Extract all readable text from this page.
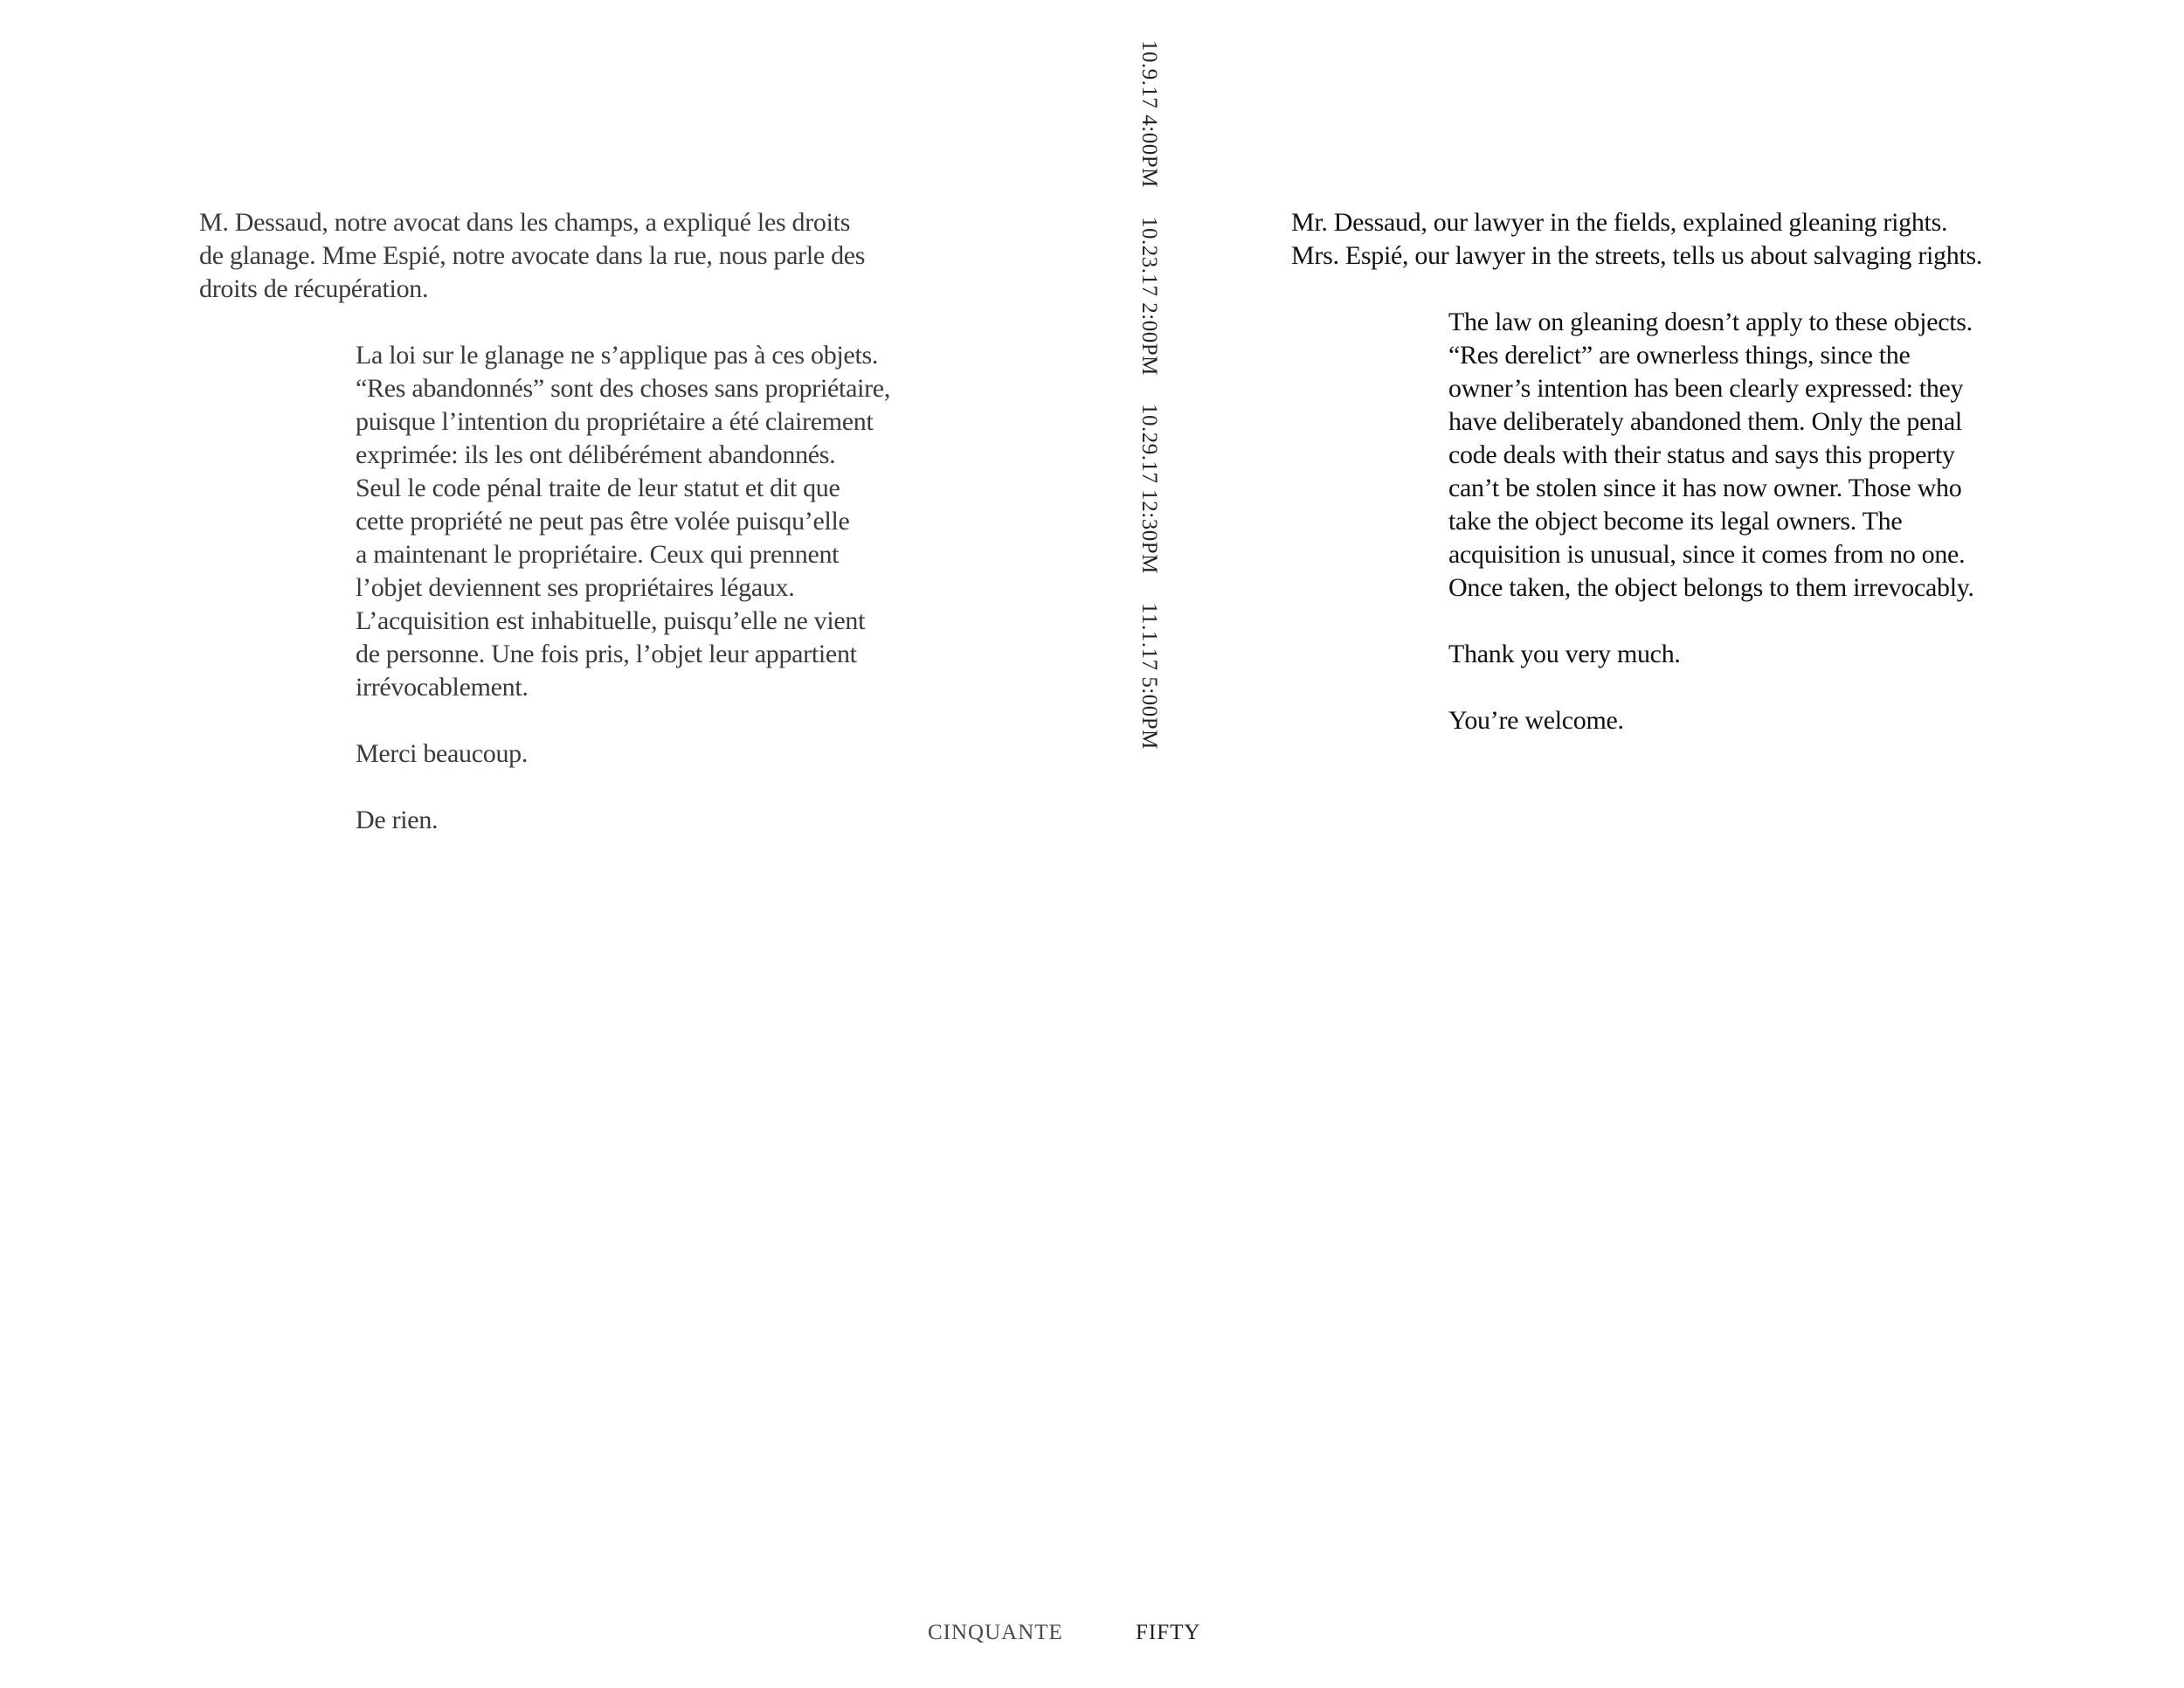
M. Dessaud, notre avocat dans les champs, a expliqué les droits
de glanage. Mme Espié, notre avocate dans la rue, nous parle des
droits de récupération.

La loi sur le glanage ne s’applique pas à ces objets.
“Res abandonnés” sont des choses sans propriétaire,
puisque l’intention du propriétaire a été clairement
exprimée: ils les ont délibérément abandonnés.
Seul le code pénal traite de leur statut et dit que
cette propriété ne peut pas être volée puisqu’elle
a maintenant le propriétaire. Ceux qui prennent
l’objet deviennent ses propriétaires légaux.
L’acquisition est inhabituelle, puisqu’elle ne vient
de personne. Une fois pris, l’objet leur appartient
irrévocablement.

Merci beaucoup.

De rien.

10.9.17 4:00PM 10.23.17 2:00PM 10.29.17 12:30PM 11.1.17 5:00PM

Mr. Dessaud, our lawyer in the fields, explained gleaning rights.
Mrs. Espié, our lawyer in the streets, tells us about salvaging rights.

The law on gleaning doesn’t apply to these objects.
“Res derelict” are ownerless things, since the
owner’s intention has been clearly expressed: they
have deliberately abandoned them. Only the penal
code deals with their status and says this property
can’t be stolen since it has now owner. Those who
take the object become its legal owners. The
acquisition is unusual, since it comes from no one.
Once taken, the object belongs to them irrevocably.

Thank you very much.

You’re welcome.

CINQUANTE	FIFTY
